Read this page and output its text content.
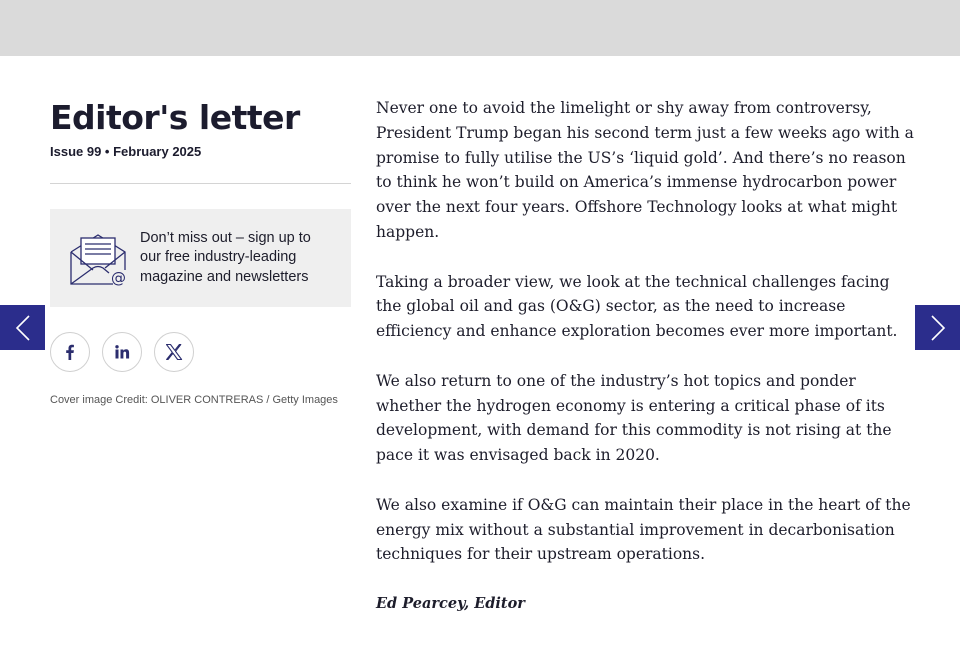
Editor's letter
Issue 99 • February 2025
@
Don’t miss out – sign up to our free industry-leading magazine and newsletters
Cover image Credit: OLIVER CONTRERAS / Getty Images

Never one to avoid the limelight or shy away from controversy, President Trump began his second term just a few weeks ago with a promise to fully utilise the US’s ‘liquid gold’. And there’s no reason to think he won’t build on America’s immense hydrocarbon power over the next four years. Offshore Technology looks at what might happen.

Taking a broader view, we look at the technical challenges facing the global oil and gas (O&G) sector, as the need to increase efficiency and enhance exploration becomes ever more important.

We also return to one of the industry’s hot topics and ponder whether the hydrogen economy is entering a critical phase of its development, with demand for this commodity is not rising at the pace it was envisaged back in 2020.

We also examine if O&G can maintain their place in the heart of the energy mix without a substantial improvement in decarbonisation techniques for their upstream operations.

Ed Pearcey, Editor
